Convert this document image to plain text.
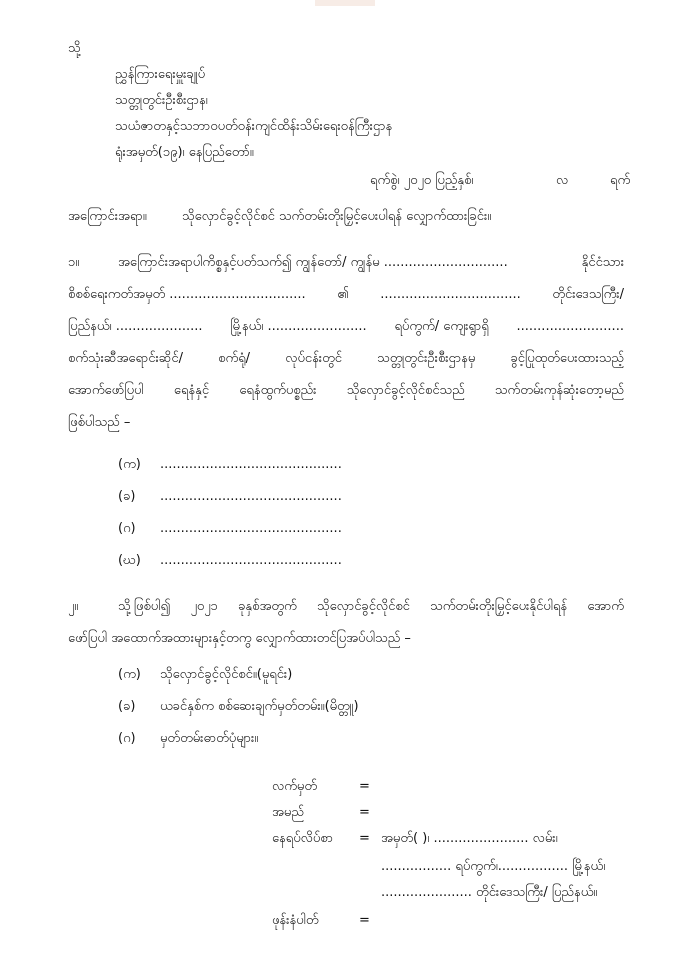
သို့
ညွှန်ကြားရေးမှူးချုပ်
သတ္တုတွင်းဦးစီးဌာန၊
သယံဇာတနှင့်သဘာဝပတ်ဝန်းကျင်ထိန်းသိမ်းရေးဝန်ကြီးဌာန
ရုံးအမှတ်(၁၉)၊ နေပြည်တော်။
ရက်စွဲ၊ ၂၀၂၀ ပြည့်နှစ်၊	လ	ရက်
အကြောင်းအရာ။	သိုလှောင်ခွင့်လိုင်စင် သက်တမ်းတိုးမြှင့်ပေးပါရန် လျှောက်ထားခြင်း။
၁။	အကြောင်းအရာပါကိစ္စနှင့်ပတ်သက်၍ ကျွန်တော်/ ကျွန်မ ..............................	နိုင်ငံသား
စိစစ်ရေးကတ်အမှတ် ................................. ၏ .................................. တိုင်းဒေသကြီး/
ပြည်နယ်၊ ..................... မြို့နယ်၊ ........................ ရပ်ကွက်/ ကျေးရွာရှိ ..........................
စက်သုံးဆီအရောင်းဆိုင်/	စက်ရုံ/	လုပ်ငန်းတွင်	သတ္တုတွင်းဦးစီးဌာနမှ	ခွင့်ပြုထုတ်ပေးထားသည့်
အောက်ဖော်ပြပါ ရေနံနှင့် ရေနံထွက်ပစ္စည်း သိုလှောင်ခွင့်လိုင်စင်သည် သက်တမ်းကုန်ဆုံးတော့မည်
ဖြစ်ပါသည် –
(က) ............................................
(ခ) ............................................
(ဂ) ............................................
(ဃ) ............................................
၂။	သို့ဖြစ်ပါ၍ ၂၀၂၁ ခုနှစ်အတွက် သိုလှောင်ခွင့်လိုင်စင် သက်တမ်းတိုးမြှင့်ပေးနိုင်ပါရန် အောက်
ဖော်ပြပါ အထောက်အထားများနှင့်တကွ လျှောက်ထားတင်ပြအပ်ပါသည် –
(က) သိုလှောင်ခွင့်လိုင်စင်။(မူရင်း)
(ခ) ယခင်နှစ်က စစ်ဆေးချက်မှတ်တမ်း။(မိတ္တူ)
(ဂ) မှတ်တမ်းဓာတ်ပုံများ။
လက်မှတ်	=
အမည်	=
နေရပ်လိပ်စာ = အမှတ်( )၊ ....................... လမ်း၊
................. ရပ်ကွက်၊................. မြို့နယ်၊
...................... တိုင်းဒေသကြီး/ ပြည်နယ်။
ဖုန်းနံပါတ်	=
